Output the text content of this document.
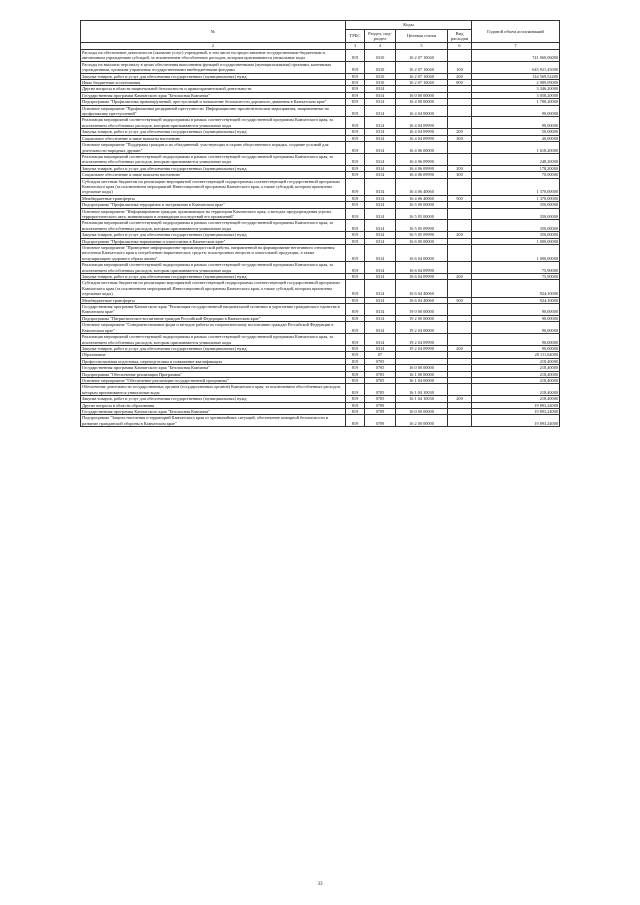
№	Коды				Годовой объем ассигнований
	ГРБС	Раздел, под-раздел	Целевая статья	Вид расходов	
2	3	4	5	6	7
Расходы на обеспечение деятельности (оказание услуг) учреждений, в том числе на предоставление государственным бюджетным и автономным учреждениям субсидий, за исключением обособленных расходов, которым присваиваются уникальные коды	819	0310	16 2 07 10040		741 060,06000
Расходы на выплаты персоналу в целях обеспечения выполнения функций государственными (муниципальными) органами, казенными учреждениями, органами управления государственными внебюджетными фондами	819	0310	16 2 07 10040	100	643 921,45000
Закупка товаров, работ и услуг для обеспечения государственных (муниципальных) нужд	819	0310	16 2 07 10040	200	144 569,52400
Иные бюджетные ассигнования	819	0310	16 2 07 10040	800	2 989,09000
Другие вопросы в области национальной безопасности и правоохранительной деятельности	819	0314			3 346,20000
Государственная программа Камчатского края "Безопасная Камчатка"	819	0314	16 0 00 00000		3 058,20000
Подпрограмма "Профилактика правонарушений, преступлений и повышение безопасности дорожного движения в Камчатском крае"	819	0314	16 4 00 00000		1 708,20000
Основное мероприятие "Профилактика рецидивной преступности. Информационно-просветительские мероприятия, направленные на профилактику преступлений"	819	0314	16 4 04 00000		90,00000
Реализация мероприятий соответствующей подпрограммы в рамках соответствующей государственной программы Камчатского края, за исключением обособленных расходов, которым присваиваются уникальные коды	819	0314	16 4 04 09990		90,00000
Закупка товаров, работ и услуг для обеспечения государственных (муниципальных) нужд	819	0314	16 4 04 09990	200	50,00000
Социальное обеспечение и иные выплаты населению	819	0314	16 4 04 09990	300	40,00000
Основное мероприятие "Поддержка граждан и их объединений, участвующих в охране общественного порядка, создание условий для деятельности народных дружин"	819	0314	16 4 06 00000		1 618,20000
Реализация мероприятий соответствующей подпрограммы в рамках соответствующей государственной программы Камчатского края, за исключением обособленных расходов, которым присваиваются уникальные коды	819	0314	16 4 06 09990		248,20000
Закупка товаров, работ и услуг для обеспечения государственных (муниципальных) нужд	819	0314	16 4 06 09990	200	178,20000
Социальное обеспечение и иные выплаты населению	819	0314	16 4 06 09990	300	70,00000
Субсидии местным бюджетам на реализацию мероприятий соответствующей подпрограммы соответствующей государственной программы Камчатского края (за исключением мероприятий Инвестиционной программы Камчатского края, а также субсидий, которым присвоены отдельные коды)	819	0314	16 4 06 40060		1 370,00000
Межбюджетные трансферты	819	0314	16 4 06 40060	500	1 370,00000
Подпрограмма "Профилактика терроризма и экстремизма в Камчатском крае"	819	0314	16 5 00 00000		350,00000
Основное мероприятие "Информирование граждан, проживающих на территории Камчатского края, о методах предупреждения угрозы террористического акта, минимизации и ликвидации последствий его проявлений"	819	0314	16 5 05 00000		350,00000
Реализация мероприятий соответствующей подпрограммы в рамках соответствующей государственной программы Камчатского края, за исключением обособленных расходов, которым присваиваются уникальные коды	819	0314	16 5 05 09990		350,00000
Закупка товаров, работ и услуг для обеспечения государственных (муниципальных) нужд	819	0314	16 5 05 09990	200	350,00000
Подпрограмма "Профилактика наркомании и алкоголизма в Камчатском крае"	819	0314	16 6 00 00000		1 000,00000
Основное мероприятие "Проведение информационно-пропагандистской работы, направленной на формирование негативного отношения населения Камчатского края к потреблению наркотических средств, психотропных веществ и алкогольной продукции, а также популяризацию здорового образа жизни"	819	0314	16 6 04 00000		1 000,00000
Реализация мероприятий соответствующей подпрограммы в рамках соответствующей государственной программы Камчатского края, за исключением обособленных расходов, которым присваиваются уникальные коды	819	0314	16 6 04 09990		75,90000
Закупка товаров, работ и услуг для обеспечения государственных (муниципальных) нужд	819	0314	16 6 04 09990	200	75,90000
Субсидии местным бюджетам на реализацию мероприятий соответствующей подпрограммы соответствующей государственной программы Камчатского края (за исключением мероприятий Инвестиционной программы Камчатского края, а также субсидий, которым присвоены отдельные коды)	819	0314	16 6 04 40060		924,10000
Межбюджетные трансферты	819	0314	16 6 04 40060	500	924,10000
Государственная программа Камчатского края "Реализация государственной национальной политики и укрепление гражданского единства в Камчатском крае"	819	0314	19 0 00 00000		90,00000
Подпрограмма "Патриотическое воспитание граждан Российской Федерации в Камчатском крае"	819	0314	19 2 00 00000		90,00000
Основное мероприятие "Совершенствование форм и методов работы по патриотическому воспитанию граждан Российской Федерации в Камчатском крае"	819	0314	19 2 04 00000		90,00000
Реализация мероприятий соответствующей подпрограммы в рамках соответствующей государственной программы Камчатского края, за исключением обособленных расходов, которым присваиваются уникальные коды	819	0314	19 2 04 09990		90,00000
Закупка товаров, работ и услуг для обеспечения государственных (муниципальных) нужд	819	0314	19 2 04 09990	200	90,00000
Образование	819	07			20 111,64000
Профессиональная подготовка, переподготовка и повышение квалификации	819	0705			218,40000
Государственная программа Камчатского края "Безопасная Камчатка"	819	0705	16 0 00 00000		218,40000
Подпрограмма "Обеспечение реализации Программы"	819	0705	16 1 00 00000		218,40000
Основное мероприятие "Обеспечение реализации государственной программы"	819	0705	16 1 04 00000		218,40000
Обеспечение деятельности государственных органов (государственных органов) Камчатского края, за исключением обособленных расходов, которым присваиваются уникальные коды	819	0705	16 1 04 10030		218,40000
Закупка товаров, работ и услуг для обеспечения государственных (муниципальных) нужд	819	0705	16 1 04 10030	200	218,40000
Другие вопросы в области образования	819	0709			19 893,24000
Государственная программа Камчатского края "Безопасная Камчатка"	819	0709	16 0 00 00000		19 893,24000
Подпрограмма "Защита населения и территорий Камчатского края от чрезвычайных ситуаций, обеспечение пожарной безопасности и развитие гражданской обороны в Камчатском крае"	819	0709	16 2 00 00000		19 893,24000
33
